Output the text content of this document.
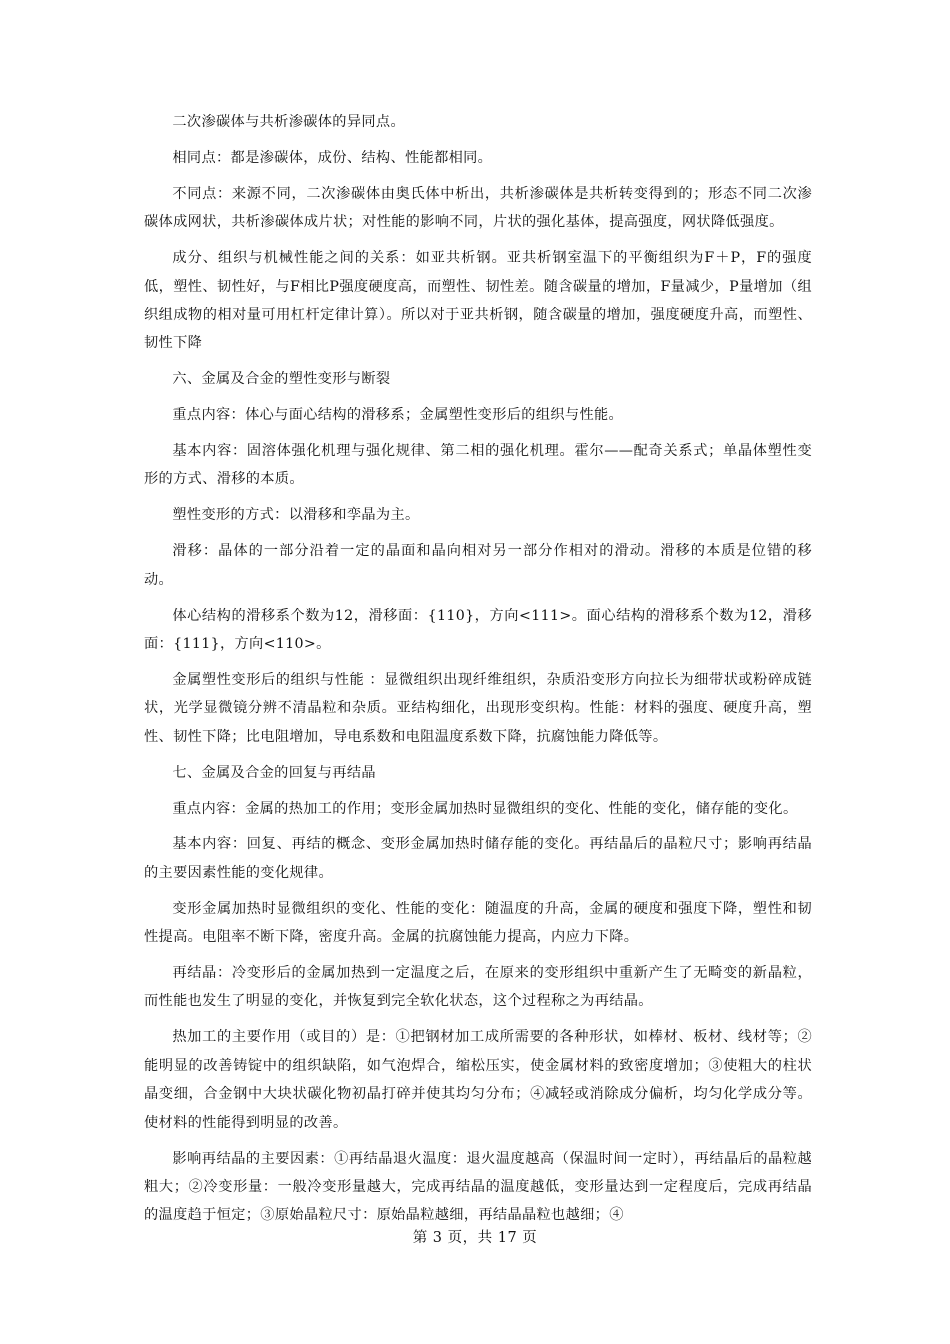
二次渗碳体与共析渗碳体的异同点。

相同点：都是渗碳体，成份、结构、性能都相同。

不同点：来源不同，二次渗碳体由奥氏体中析出，共析渗碳体是共析转变得到的；形态不同二次渗碳体成网状，共析渗碳体成片状；对性能的影响不同，片状的强化基体，提高强度，网状降低强度。

成分、组织与机械性能之间的关系：如亚共析钢。亚共析钢室温下的平衡组织为F＋P，F的强度低，塑性、韧性好，与F相比P强度硬度高，而塑性、韧性差。随含碳量的增加，F量减少，P量增加（组织组成物的相对量可用杠杆定律计算）。所以对于亚共析钢，随含碳量的增加，强度硬度升高，而塑性、韧性下降

六、金属及合金的塑性变形与断裂

重点内容：体心与面心结构的滑移系；金属塑性变形后的组织与性能。

基本内容：固溶体强化机理与强化规律、第二相的强化机理。霍尔——配奇关系式；单晶体塑性变形的方式、滑移的本质。

塑性变形的方式：以滑移和孪晶为主。

滑移：晶体的一部分沿着一定的晶面和晶向相对另一部分作相对的滑动。滑移的本质是位错的移动。

体心结构的滑移系个数为12，滑移面：{110}，方向<111>。面心结构的滑移系个数为12，滑移面：{111}，方向<110>。

金属塑性变形后的组织与性能 ：显微组织出现纤维组织，杂质沿变形方向拉长为细带状或粉碎成链状，光学显微镜分辨不清晶粒和杂质。亚结构细化，出现形变织构。性能：材料的强度、硬度升高，塑性、韧性下降；比电阻增加，导电系数和电阻温度系数下降，抗腐蚀能力降低等。

七、金属及合金的回复与再结晶

重点内容：金属的热加工的作用；变形金属加热时显微组织的变化、性能的变化，储存能的变化。

基本内容：回复、再结的概念、变形金属加热时储存能的变化。再结晶后的晶粒尺寸；影响再结晶的主要因素性能的变化规律。

变形金属加热时显微组织的变化、性能的变化：随温度的升高，金属的硬度和强度下降，塑性和韧性提高。电阻率不断下降，密度升高。金属的抗腐蚀能力提高，内应力下降。

再结晶：冷变形后的金属加热到一定温度之后，在原来的变形组织中重新产生了无畸变的新晶粒，而性能也发生了明显的变化，并恢复到完全软化状态，这个过程称之为再结晶。

热加工的主要作用（或目的）是：①把钢材加工成所需要的各种形状，如棒材、板材、线材等；②能明显的改善铸锭中的组织缺陷，如气泡焊合，缩松压实，使金属材料的致密度增加；③使粗大的柱状晶变细，合金钢中大块状碳化物初晶打碎并使其均匀分布；④减轻或消除成分偏析，均匀化学成分等。使材料的性能得到明显的改善。

影响再结晶的主要因素：①再结晶退火温度：退火温度越高（保温时间一定时），再结晶后的晶粒越粗大；②冷变形量：一般冷变形量越大，完成再结晶的温度越低，变形量达到一定程度后，完成再结晶的温度趋于恒定；③原始晶粒尺寸：原始晶粒越细，再结晶晶粒也越细；④

第 3 页，共 17 页
